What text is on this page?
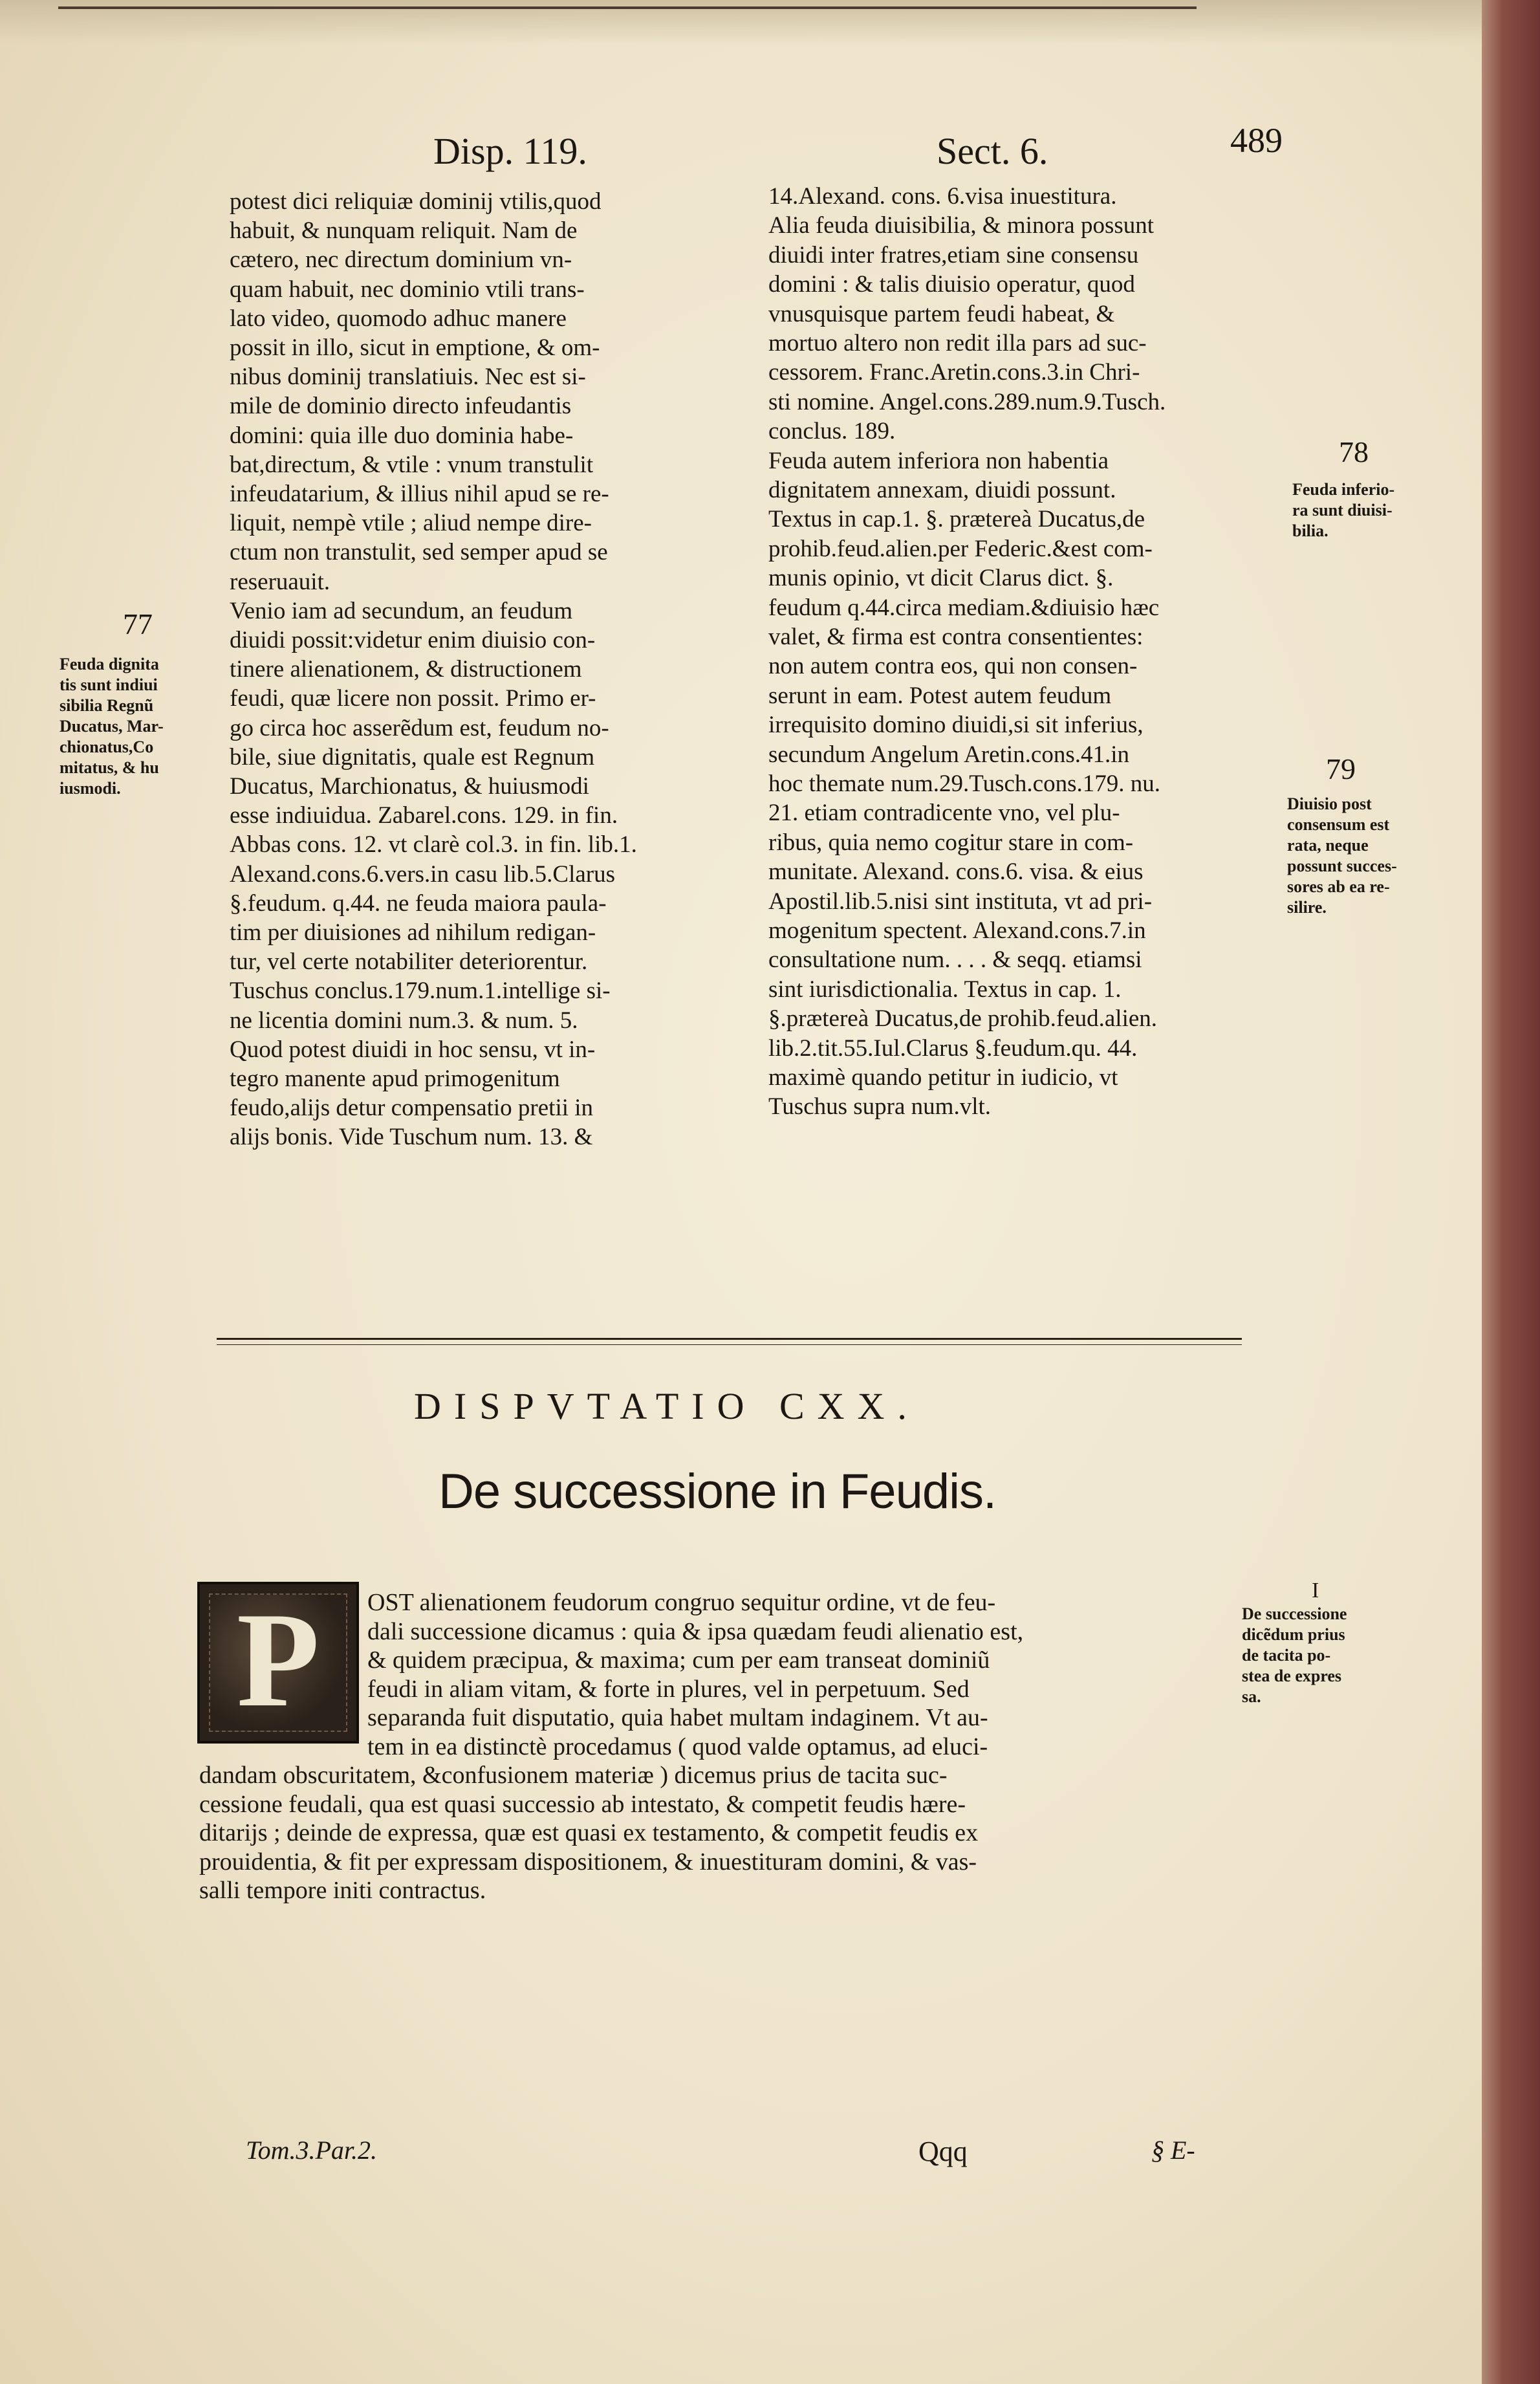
Disp. 119.	Sect. 6.	489
potest dici reliquiæ dominij vtilis,quod
habuit, & nunquam reliquit. Nam de
cætero, nec directum dominium vn-
quam habuit, nec dominio vtili trans-
lato video, quomodo adhuc manere
possit in illo, sicut in emptione, & om-
nibus dominij translatiuis. Nec est si-
mile de dominio directo infeudantis
domini: quia ille duo dominia habe-
bat,directum, & vtile : vnum transtulit
infeudatarium, & illius nihil apud se re-
liquit, nempè vtile ; aliud nempe dire-
ctum non transtulit, sed semper apud se
reseruauit.
Venio iam ad secundum, an feudum
diuidi possit:videtur enim diuisio con-
tinere alienationem, & distructionem
feudi, quæ licere non possit. Primo er-
go circa hoc asserẽdum est, feudum no-
bile, siue dignitatis, quale est Regnum
Ducatus, Marchionatus, & huiusmodi
esse indiuidua. Zabarel.cons. 129. in fin.
Abbas cons. 12. vt clarè col.3. in fin. lib.1.
Alexand.cons.6.vers.in casu lib.5.Clarus
§.feudum. q.44. ne feuda maiora paula-
tim per diuisiones ad nihilum redigan-
tur, vel certe notabiliter deteriorentur.
Tuschus conclus.179.num.1.intellige si-
ne licentia domini num.3. & num. 5.
Quod potest diuidi in hoc sensu, vt in-
tegro manente apud primogenitum
feudo,alijs detur compensatio pretii in
alijs bonis. Vide Tuschum num. 13. &
14.Alexand. cons. 6.visa inuestitura.
Alia feuda diuisibilia, & minora possunt
diuidi inter fratres,etiam sine consensu
domini : & talis diuisio operatur, quod
vnusquisque partem feudi habeat, &
mortuo altero non redit illa pars ad suc-
cessorem. Franc.Aretin.cons.3.in Chri-
sti nomine. Angel.cons.289.num.9.Tusch.
conclus. 189.
Feuda autem inferiora non habentia
dignitatem annexam, diuidi possunt.
Textus in cap.1. §. prætereà Ducatus,de
prohib.feud.alien.per Federic.&est com-
munis opinio, vt dicit Clarus dict. §.
feudum q.44.circa mediam.&diuisio hæc
valet, & firma est contra consentientes:
non autem contra eos, qui non consen-
serunt in eam. Potest autem feudum
irrequisito domino diuidi,si sit inferius,
secundum Angelum Aretin.cons.41.in
hoc themate num.29.Tusch.cons.179. nu.
21. etiam contradicente vno, vel plu-
ribus, quia nemo cogitur stare in com-
munitate. Alexand. cons.6. visa. & eius
Apostil.lib.5.nisi sint instituta, vt ad pri-
mogenitum spectent. Alexand.cons.7.in
consultatione num. . . . & seqq. etiamsi
sint iurisdictionalia. Textus in cap. 1.
§.prætereà Ducatus,de prohib.feud.alien.
lib.2.tit.55.Iul.Clarus §.feudum.qu. 44.
maximè quando petitur in iudicio, vt
Tuschus supra num.vlt.
77
Feuda dignita
tis sunt indiui
sibilia Regnũ
Ducatus, Mar-
chionatus,Co
mitatus, & hu
iusmodi.
78
Feuda inferio-
ra sunt diuisi-
bilia.
79
Diuisio post
consensum est
rata, neque
possunt succes-
sores ab ea re-
silire.
DISPVTATIO CXX.
De successione in Feudis.
P	OST alienationem feudorum congruo sequitur ordine, vt de feu-
dali successione dicamus : quia & ipsa quædam feudi alienatio est,
& quidem præcipua, & maxima; cum per eam transeat dominiũ
feudi in aliam vitam, & forte in plures, vel in perpetuum. Sed
separanda fuit disputatio, quia habet multam indaginem. Vt au-
tem in ea distinctè procedamus ( quod valde optamus, ad eluci-
dandam obscuritatem, &confusionem materiæ ) dicemus prius de tacita suc-
cessione feudali, qua est quasi successio ab intestato, & competit feudis hære-
ditarijs ; deinde de expressa, quæ est quasi ex testamento, & competit feudis ex
prouidentia, & fit per expressam dispositionem, & inuestituram domini, & vas-
salli tempore initi contractus.
I
De successione
dicẽdum prius
de tacita po-
stea de expres
sa.
Tom.3.Par.2.	Qqq	§ E-
